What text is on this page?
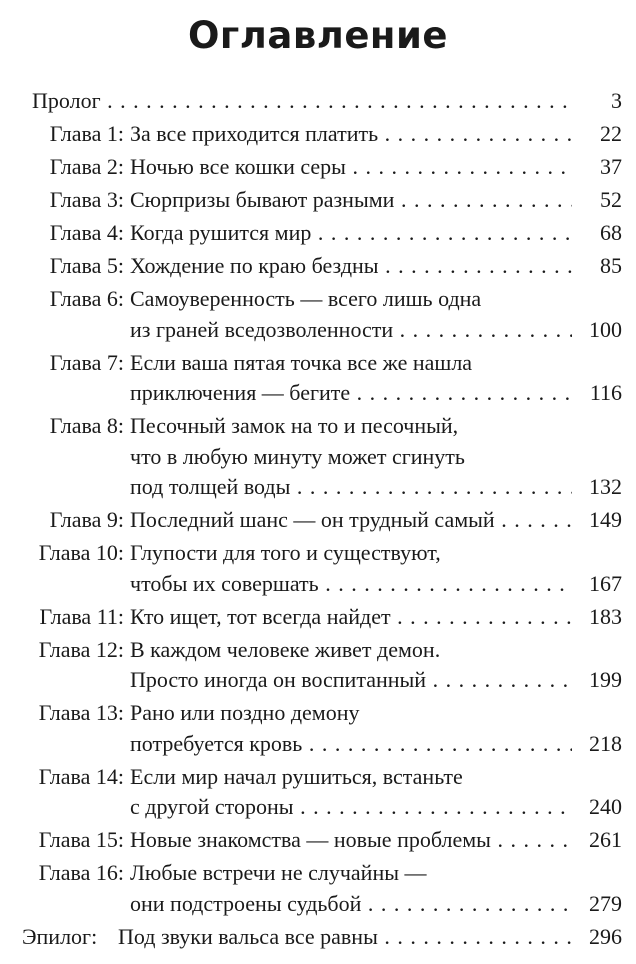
Оглавление
Пролог . . .	3
Глава 1: За все приходится платить . . .	22
Глава 2: Ночью все кошки серы . . .	37
Глава 3: Сюрпризы бывают разными . . .	52
Глава 4: Когда рушится мир . . .	68
Глава 5: Хождение по краю бездны . . .	85
Глава 6: Самоуверенность — всего лишь одна
из граней вседозволенности . . .	100
Глава 7: Если ваша пятая точка все же нашла
приключения — бегите . . .	116
Глава 8: Песочный замок на то и песочный,
что в любую минуту может сгинуть
под толщей воды . . .	132
Глава 9: Последний шанс — он трудный самый . . .	149
Глава 10: Глупости для того и существуют,
чтобы их совершать . . .	167
Глава 11: Кто ищет, тот всегда найдет . . .	183
Глава 12: В каждом человеке живет демон.
Просто иногда он воспитанный . . .	199
Глава 13: Рано или поздно демону
потребуется кровь . . .	218
Глава 14: Если мир начал рушиться, встаньте
с другой стороны . . .	240
Глава 15: Новые знакомства — новые проблемы . . .	261
Глава 16: Любые встречи не случайны —
они подстроены судьбой . . .	279
Эпилог: Под звуки вальса все равны . . .	296
